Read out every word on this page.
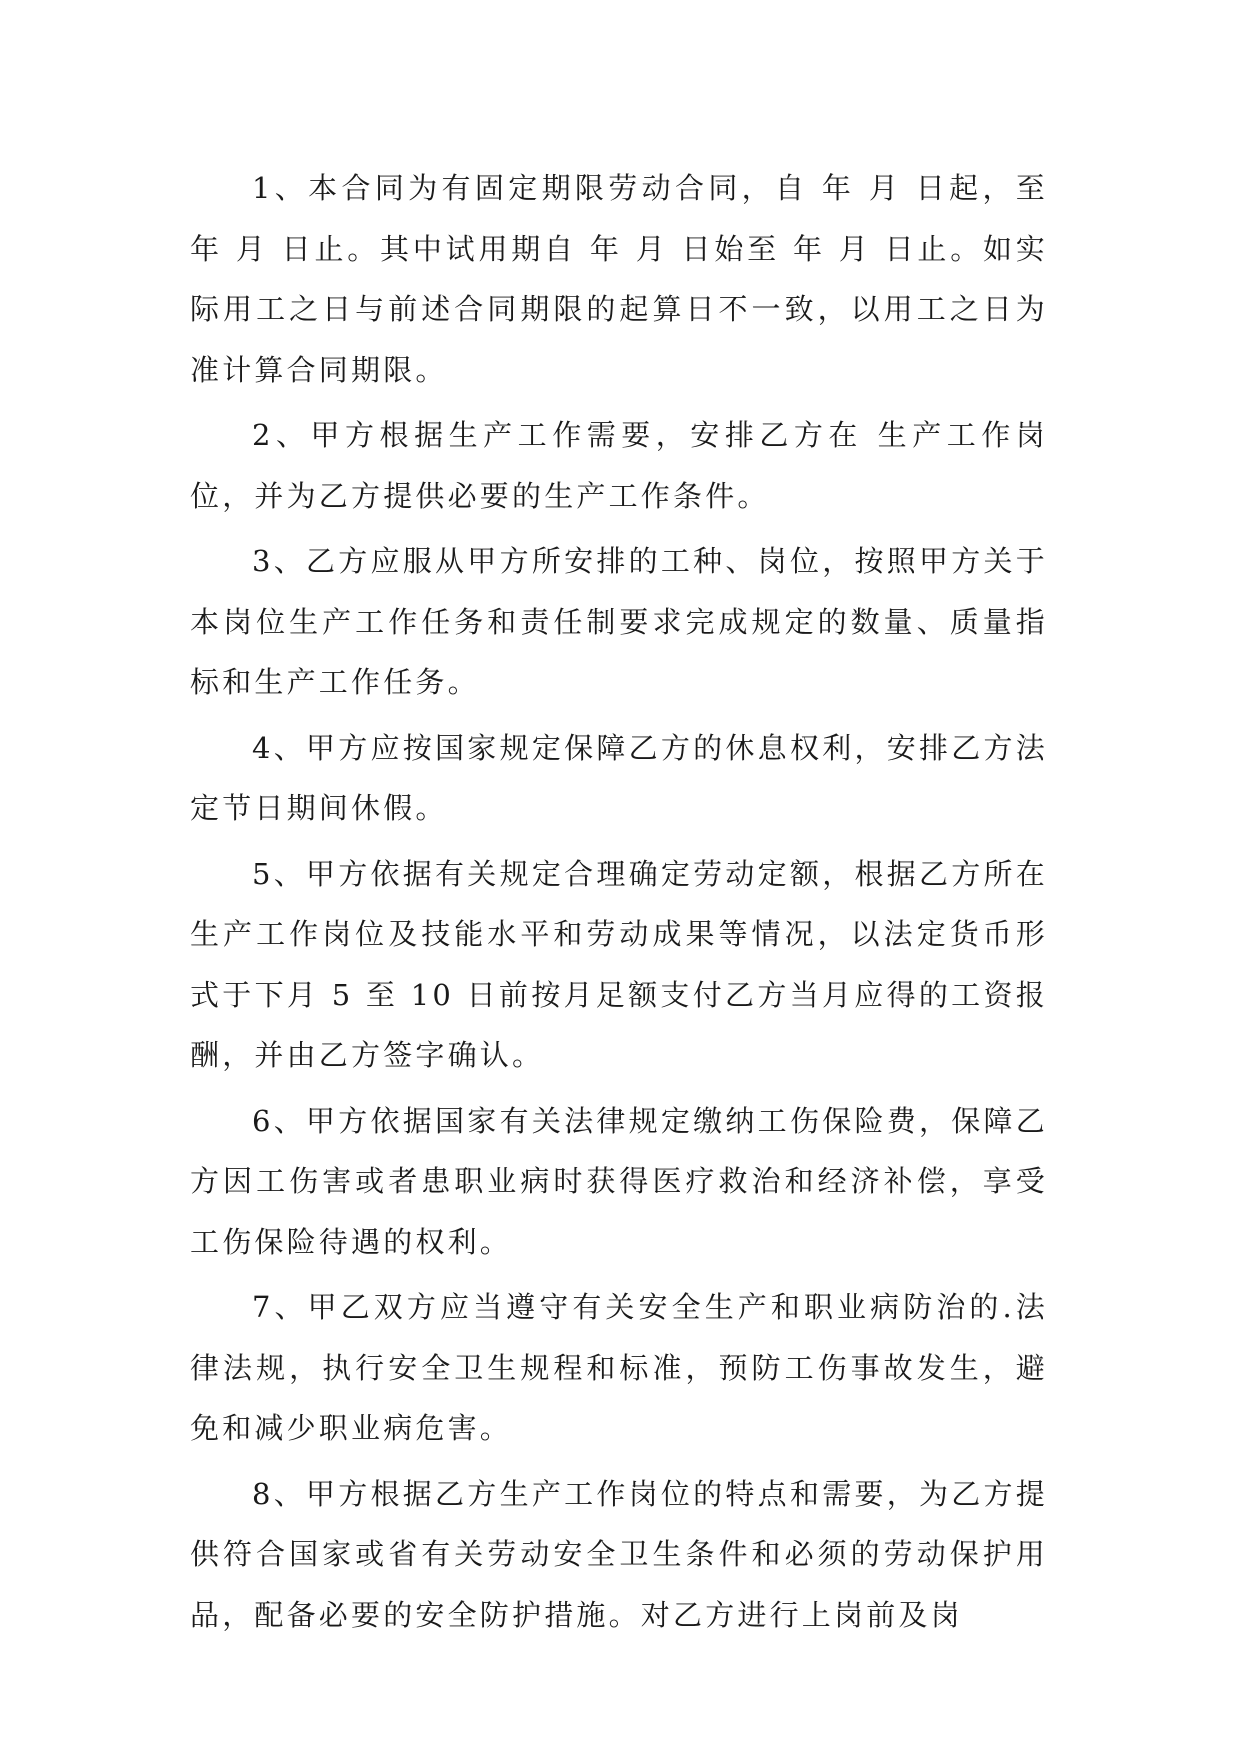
1、本合同为有固定期限劳动合同，自 年 月 日起，至 年 月 日止。其中试用期自 年 月 日始至 年 月 日止。如实际用工之日与前述合同期限的起算日不一致，以用工之日为准计算合同期限。

2、甲方根据生产工作需要，安排乙方在 生产工作岗位，并为乙方提供必要的生产工作条件。

3、乙方应服从甲方所安排的工种、岗位，按照甲方关于本岗位生产工作任务和责任制要求完成规定的数量、质量指标和生产工作任务。

4、甲方应按国家规定保障乙方的休息权利，安排乙方法定节日期间休假。

5、甲方依据有关规定合理确定劳动定额，根据乙方所在生产工作岗位及技能水平和劳动成果等情况，以法定货币形式于下月 5 至 10 日前按月足额支付乙方当月应得的工资报酬，并由乙方签字确认。

6、甲方依据国家有关法律规定缴纳工伤保险费，保障乙方因工伤害或者患职业病时获得医疗救治和经济补偿，享受工伤保险待遇的权利。

7、甲乙双方应当遵守有关安全生产和职业病防治的.法律法规，执行安全卫生规程和标准，预防工伤事故发生，避免和减少职业病危害。

8、甲方根据乙方生产工作岗位的特点和需要，为乙方提供符合国家或省有关劳动安全卫生条件和必须的劳动保护用品，配备必要的安全防护措施。对乙方进行上岗前及岗
